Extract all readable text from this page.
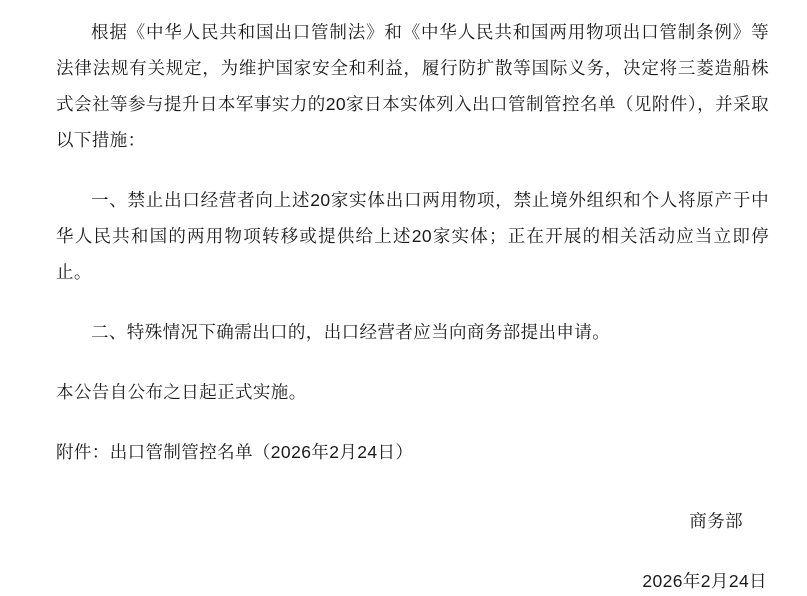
根据《中华人民共和国出口管制法》和《中华人民共和国两用物项出口管制条例》等法律法规有关规定，为维护国家安全和利益，履行防扩散等国际义务，决定将三菱造船株式会社等参与提升日本军事实力的20家日本实体列入出口管制管控名单（见附件），并采取以下措施：

一、禁止出口经营者向上述20家实体出口两用物项，禁止境外组织和个人将原产于中华人民共和国的两用物项转移或提供给上述20家实体；正在开展的相关活动应当立即停止。

二、特殊情况下确需出口的，出口经营者应当向商务部提出申请。

本公告自公布之日起正式实施。

附件：出口管制管控名单（2026年2月24日）

商务部
2026年2月24日
